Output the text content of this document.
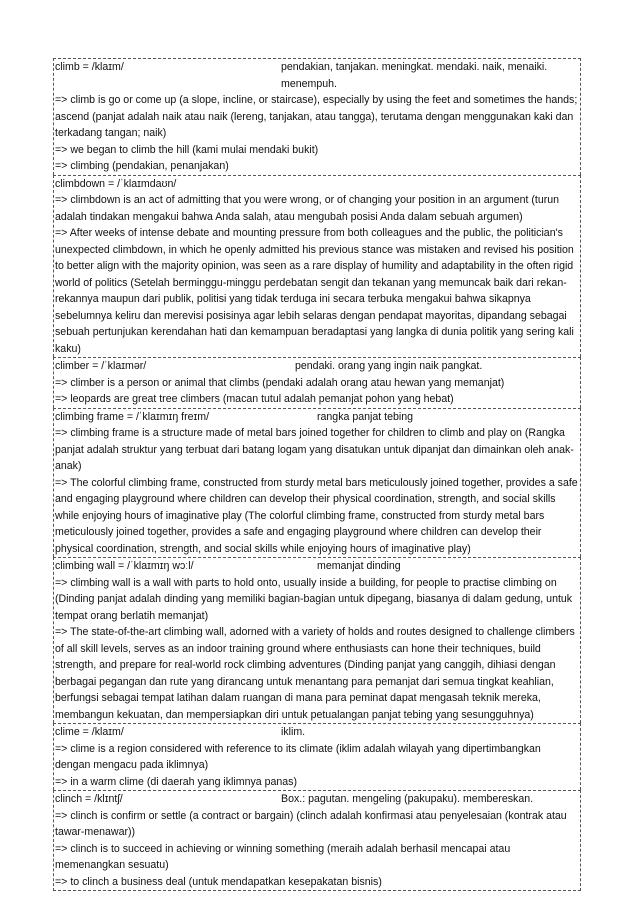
climb = /klaɪm/	pendakian, tanjakan. meningkat. mendaki. naik, menaiki. menempuh.

=> climb is go or come up (a slope, incline, or staircase), especially by using the feet and sometimes the hands; ascend (panjat adalah naik atau naik (lereng, tanjakan, atau tangga), terutama dengan menggunakan kaki dan terkadang tangan; naik)

=> we began to climb the hill (kami mulai mendaki bukit)

=> climbing (pendakian, penanjakan)

climbdown = /ˈklaɪmdaʊn/

=> climbdown is an act of admitting that you were wrong, or of changing your position in an argument (turun adalah tindakan mengakui bahwa Anda salah, atau mengubah posisi Anda dalam sebuah argumen)

=> After weeks of intense debate and mounting pressure from both colleagues and the public, the politician's unexpected climbdown, in which he openly admitted his previous stance was mistaken and revised his position to better align with the majority opinion, was seen as a rare display of humility and adaptability in the often rigid world of politics (Setelah berminggu-minggu perdebatan sengit dan tekanan yang memuncak baik dari rekan-rekannya maupun dari publik, politisi yang tidak terduga ini secara terbuka mengakui bahwa sikapnya sebelumnya keliru dan merevisi posisinya agar lebih selaras dengan pendapat mayoritas, dipandang sebagai sebuah pertunjukan kerendahan hati dan kemampuan beradaptasi yang langka di dunia politik yang sering kali kaku)

climber = /ˈklaɪmər/	pendaki. orang yang ingin naik pangkat.

=> climber is a person or animal that climbs (pendaki adalah orang atau hewan yang memanjat)

=> leopards are great tree climbers (macan tutul adalah pemanjat pohon yang hebat)

climbing frame = /ˈklaɪmɪŋ freɪm/	rangka panjat tebing

=> climbing frame is a structure made of metal bars joined together for children to climb and play on (Rangka panjat adalah struktur yang terbuat dari batang logam yang disatukan untuk dipanjat dan dimainkan oleh anak-anak)

=> The colorful climbing frame, constructed from sturdy metal bars meticulously joined together, provides a safe and engaging playground where children can develop their physical coordination, strength, and social skills while enjoying hours of imaginative play (The colorful climbing frame, constructed from sturdy metal bars meticulously joined together, provides a safe and engaging playground where children can develop their physical coordination, strength, and social skills while enjoying hours of imaginative play)

climbing wall = /ˈklaɪmɪŋ wɔːl/	memanjat dinding

=> climbing wall is a wall with parts to hold onto, usually inside a building, for people to practise climbing on (Dinding panjat adalah dinding yang memiliki bagian-bagian untuk dipegang, biasanya di dalam gedung, untuk tempat orang berlatih memanjat)

=> The state-of-the-art climbing wall, adorned with a variety of holds and routes designed to challenge climbers of all skill levels, serves as an indoor training ground where enthusiasts can hone their techniques, build strength, and prepare for real-world rock climbing adventures (Dinding panjat yang canggih, dihiasi dengan berbagai pegangan dan rute yang dirancang untuk menantang para pemanjat dari semua tingkat keahlian, berfungsi sebagai tempat latihan dalam ruangan di mana para peminat dapat mengasah teknik mereka, membangun kekuatan, dan mempersiapkan diri untuk petualangan panjat tebing yang sesungguhnya)

clime = /klaɪm/	iklim.

=> clime is a region considered with reference to its climate (iklim adalah wilayah yang dipertimbangkan dengan mengacu pada iklimnya)

=> in a warm clime (di daerah yang iklimnya panas)

clinch = /klɪntʃ/	Box.: pagutan. mengeling (pakupaku). membereskan.

=> clinch is confirm or settle (a contract or bargain) (clinch adalah konfirmasi atau penyelesaian (kontrak atau tawar-menawar))

=> clinch is to succeed in achieving or winning something (meraih adalah berhasil mencapai atau memenangkan sesuatu)

=> to clinch a business deal (untuk mendapatkan kesepakatan bisnis)
